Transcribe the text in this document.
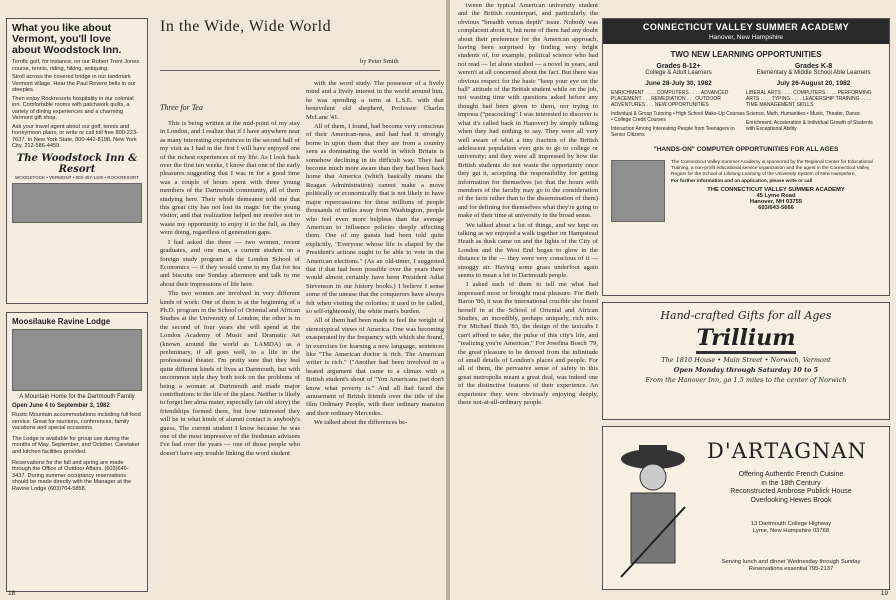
What you like about Vermont, you'll love about Woodstock Inn.

Terrific golf, for instance, on our Robert Trent Jones course, tennis, riding, hiking, antiquing.

Stroll across the covered bridge in our landmark Vermont village. Hear the Paul Revere bells in our steeples.

Then enjoy Rockresorts hospitality in our colonial inn. Comfortable rooms with patchwork quilts, a variety of dining experiences and a charming Vermont gift shop.

Ask your travel agent about our golf, tennis and honeymoon plans, or write or call toll free 800-223-7637. In New York State, 800-442-8198. New York City, 212-586-4459.

The Woodstock Inn & Resort
WOODSTOCK • VERMONT • 802-457-1100 • ROCKRESORT
Moosilauke Ravine Lodge
A Mountain Home for the Dartmouth Family
Open June 4 to September 3, 1982

Rustic Mountain accommodations including full food service. Great for reunions, conferences, family vacations and special occasions.

The Lodge is available for group use during the months of May, September, and October. Caretaker and kitchen facilities provided.

Reservations for the fall and spring are made through the Office of Outdoor Affairs, (603)646-3437. During summer occupancy reservations should be made directly with the Manager at the Ravine Lodge (603)764-5858.

In the Wide, Wide World
by Peter Smith
Three for Tea

This is being written at the mid-point of my stay in London, and I realize that if I have anywhere near as many interesting experiences in the second half of my visit as I had in the first I will have enjoyed one of the richest experiences of my life. As I look back over the first ten weeks, I know that one of the early pleasures suggesting that I was in for a good time was a couple of hours spent with three young members of the Dartmouth community, all of them studying here. Their whole demeanor told me that this great city has not lost its magic for the young visitor, and that realization helped me resolve not to waste my opportunity to enjoy it to the full, as they were doing, regardless of generation gaps.

I had asked the three — two women, recent graduates, and one man, a current student on a foreign study program at the London School of Economics — if they would come to my flat for tea and biscuits one Sunday afternoon and talk to me about their impressions of life here.

The two women are involved in very different kinds of work: One of them is at the beginning of a Ph.D. program in the School of Oriental and African Studies at the University of London; the other is in the second of four years she will spend at the London Academy of Music and Dramatic Art (known around the world as LAMDA) as a preliminary, if all goes well, to a life in the professional theater. I'm pretty sure that they feel quite different kinds of lives at Dartmouth, but with uncommon style they both took on the problems of being a woman at Dartmouth and made major contributions to the life of the place. Neither is likely to forget her alma mater, especially (an old story) the friendships formed there, but how interested they will be in what kinds of alumni contact is anybody's guess. The current student I know because he was one of the most impressive of the freshman advisees I've had over the years — one of those people who doesn't have any trouble linking the word student

with the word study. The possessor of a lively mind and a lively interest in the world around him, he was spending a term at L.S.E. with that benevolent old shepherd, Professor Charles McLane '41.

All of them, I found, had become very conscious of their American-ness, and had had it strongly borne in upon them that they are from a country seen as dominating the world in which Britain is somehow declining in its difficult way. They had become much more aware than they had been back home that America (which basically means the Reagan Administration) cannot make a move politically or economically that is not likely to have major repercussions for these millions of people thousands of miles away from Washington, people who feel even more helpless than the average American to influence policies deeply affecting them. One of my guests had been told quite explicitly, "Everyone whose life is shaped by the President's actions ought to be able to vote in the American elections." (As an old-timer, I suggested that if that had been possible over the years there would almost certainly have been President Adlai Stevenson in our history books.) I believe I sense some of the unease that the conquerors have always felt when visiting the colonies; it used to be called, so self-righteously, the white man's burden.

All of them had been made to feel the weight of stereotypical views of America. One was becoming exasperated by the frequency with which she found, in exercises for learning a new language, sentences like "The American doctor is rich. The American writer is rich." ("Another had been involved in a heated argument that came to a climax with a British student's shout of "You Americans just don't know what poverty is." And all had faced the amusement of British friends over the title of the film Ordinary People, with their ordinary mansion and their ordinary Mercedes.

We talked about the differences be-

18

tween the typical American university student and the British counterpart, and particularly the obvious "breadth versus depth" issue. Nobody was complacent about it, but none of them had any doubt about their preference for the American approach, having been surprised by finding very bright students of, for example, political science who had not read — let alone studied — a novel in years, and weren't at all concerned about the fact. But there was obvious respect for the basic "keep your eye on the ball" attitude of the British student while on the job, not wasting time with questions asked before any thought had been given to them, nor trying to impress ("peacocking" I was interested to discover is what it's called back in Hanover) by simply talking when they had nothing to say. They were all very well aware of what a tiny fraction of the British adolescent population ever gets to go to college or university; and they were all impressed by how the British students do not waste the opportunity once they get it, accepting the responsibility for getting information for themselves (so that the hours with members of the faculty may go to the consideration of the facts rather than to the dissemination of them) and for defining for themselves what they're going to make of their time at university in the broad sense.

We talked about a lot of things, and we kept on talking as we enjoyed a walk together on Hampstead Heath as dusk came on and the lights of the City of London and the West End began to glow in the distance in the — they were very conscious of it — smoggy air. Having some grass underfoot again seems to mean a lot to Dartmouth people.

I asked each of them to tell me what had impressed most or brought most pleasure. For Beth Baron '80, it was the international crucible she found herself in at the School of Oriental and African Studies, an incredibly, perhaps uniquely, rich mix. For Michael Bush '83, the design of the taxicabs I can't afford to take, the pulse of this city's life, and "realizing you're American." For Josefina Bosch '79, the great pleasure to be derived from the infinitude of small details of London's places and people. For all of them, the pervasive sense of safety in this great metropolis meant a great deal, was indeed one of the distinctive features of their experience. An experience they were obviously enjoying deeply, these not-at-all-ordinary people.

CONNECTICUT VALLEY SUMMER ACADEMY
Hanover, New Hampshire
TWO NEW LEARNING OPPORTUNITIES
Grades 8-12+
College & Adult Learners
June 28-July 30, 1982
ENRICHMENT . . . . COMPUTERS . . . . ADVANCED PLACEMENT . . . REMEDIATION . . . OUTDOOR ADVENTURES . . . NEW OPPORTUNITIES
Individual & Group Tutoring • High School Make-Up Courses • College Credit Courses
Interaction Among Interesting People from Teenagers to Senior Citizens
Grades K-8
Elementary & Middle School Able Learners
July 26-August 20, 1982
LIBERAL ARTS . . . . COMPUTERS . . . . PERFORMING ARTS . . . . TYPING . . . . LEADERSHIP TRAINING . . . . TIME MANAGEMENT SKILLS
Science, Math, Humanities • Music, Theater, Dance
Enrichment, Acceleration & Individual Growth of Students with Exceptional Ability
"HANDS-ON" COMPUTER OPPORTUNITIES FOR ALL AGES
The Connecticut Valley Summer Academy is sponsored by the Regional Center for Educational Training, a non-profit educational service organization and the agent in the Connecticut Valley Region for the School of Lifelong Learning of the University System of New Hampshire.
For further information and an application, please write or call
THE CONNECTICUT VALLEY SUMMER ACADEMY
45 Lyme Road
Hanover, NH 03755
603/643-5666
Hand-crafted Gifts for all Ages
Trillium
The 1810 House • Main Street • Norwich, Vermont
Open Monday through Saturday 10 to 5
From the Hanover Inn, go 1.5 miles to the center of Norwich
D'ARTAGNAN
Offering Authentic French Cuisine
in the 18th Century
Reconstructed Ambrose Publick House
Overlooking Hewes Brook
13 Dartmouth College Highway
Lyme, New Hampshire 03768
Serving lunch and dinner Wednesday through Sunday
Reservations essential 795-2137
19
